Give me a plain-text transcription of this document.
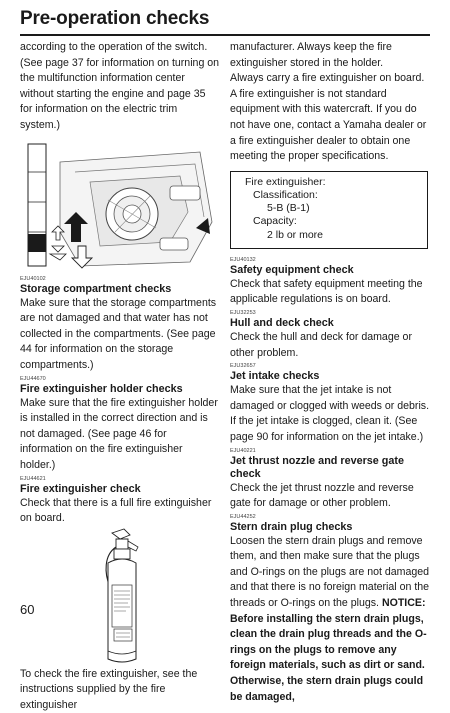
Pre-operation checks
according to the operation of the switch. (See page 37 for information on turning on the multifunction information center without starting the engine and page 35 for information on the electric trim system.)
EJU40102
Storage compartment checks
Make sure that the storage compartments are not damaged and that water has not collected in the compartments. (See page 44 for information on the storage compartments.)
EJU44670
Fire extinguisher holder checks
Make sure that the fire extinguisher holder is installed in the correct direction and is not damaged. (See page 46 for information on the fire extinguisher holder.)
EJU44621
Fire extinguisher check
Check that there is a full fire extinguisher on board.
To check the fire extinguisher, see the instructions supplied by the fire extinguisher
manufacturer. Always keep the fire extinguisher stored in the holder.
Always carry a fire extinguisher on board. A fire extinguisher is not standard equipment with this watercraft. If you do not have one, contact a Yamaha dealer or a fire extinguisher dealer to obtain one meeting the proper specifications.
Fire extinguisher:
Classification:
5-B (B-1)
Capacity:
2 lb or more
EJU40132
Safety equipment check
Check that safety equipment meeting the applicable regulations is on board.
EJU32253
Hull and deck check
Check the hull and deck for damage or other problem.
EJU32657
Jet intake checks
Make sure that the jet intake is not damaged or clogged with weeds or debris. If the jet intake is clogged, clean it. (See page 90 for information on the jet intake.)
EJU40221
Jet thrust nozzle and reverse gate check
Check the jet thrust nozzle and reverse gate for damage or other problem.
EJU44252
Stern drain plug checks
Loosen the stern drain plugs and remove them, and then make sure that the plugs and O-rings on the plugs are not damaged and that there is no foreign material on the threads or O-rings on the plugs. NOTICE: Before installing the stern drain plugs, clean the drain plug threads and the O-rings on the plugs to remove any foreign materials, such as dirt or sand. Otherwise, the stern drain plugs could be damaged,
60
